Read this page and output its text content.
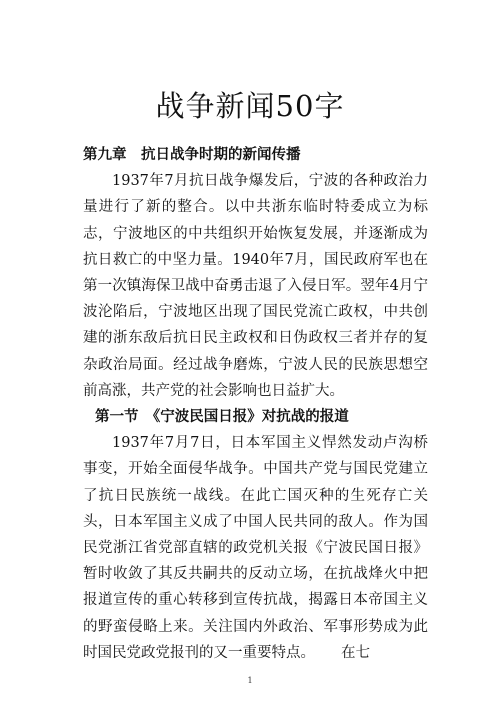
战争新闻50字

第九章　抗日战争时期的新闻传播

1937年7月抗日战争爆发后，宁波的各种政治力量进行了新的整合。以中共浙东临时特委成立为标志，宁波地区的中共组织开始恢复发展，并逐渐成为抗日救亡的中坚力量。1940年7月，国民政府军也在第一次镇海保卫战中奋勇击退了入侵日军。翌年4月宁波沦陷后，宁波地区出现了国民党流亡政权，中共创建的浙东敌后抗日民主政权和日伪政权三者并存的复杂政治局面。经过战争磨炼，宁波人民的民族思想空前高涨，共产党的社会影响也日益扩大。

第一节　《宁波民国日报》对抗战的报道

1937年7月7日，日本军国主义悍然发动卢沟桥事变，开始全面侵华战争。中国共产党与国民党建立了抗日民族统一战线。在此亡国灭种的生死存亡关头，日本军国主义成了中国人民共同的敌人。作为国民党浙江省党部直辖的政党机关报《宁波民国日报》暂时收敛了其反共嗣共的反动立场，在抗战烽火中把报道宣传的重心转移到宣传抗战，揭露日本帝国主义的野蛮侵略上来。关注国内外政治、军事形势成为此时国民党政党报刊的又一重要特点。 在七

1
